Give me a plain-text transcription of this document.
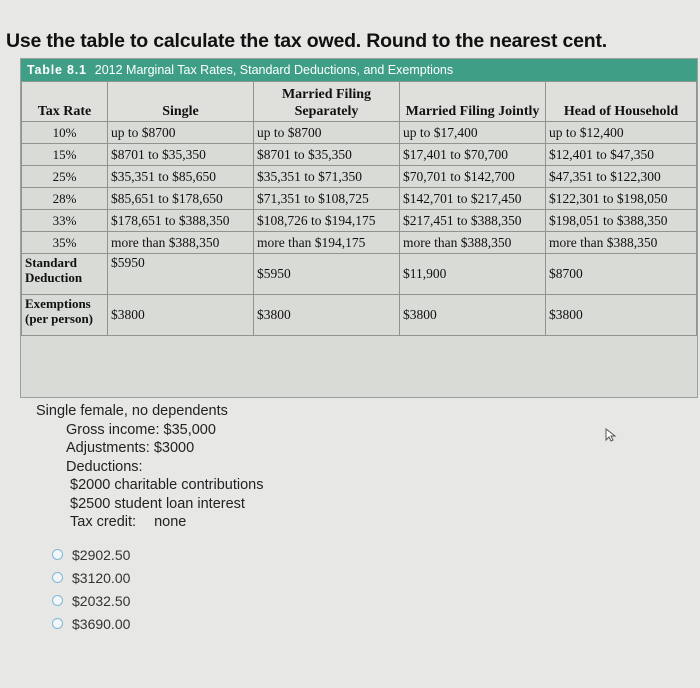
Use the table to calculate the tax owed. Round to the nearest cent.
Table 8.1 2012 Marginal Tax Rates, Standard Deductions, and Exemptions
Tax Rate	Single	Married Filing Separately	Married Filing Jointly	Head of Household
10%	up to $8700	up to $8700	up to $17,400	up to $12,400
15%	$8701 to $35,350	$8701 to $35,350	$17,401 to $70,700	$12,401 to $47,350
25%	$35,351 to $85,650	$35,351 to $71,350	$70,701 to $142,700	$47,351 to $122,300
28%	$85,651 to $178,650	$71,351 to $108,725	$142,701 to $217,450	$122,301 to $198,050
33%	$178,651 to $388,350	$108,726 to $194,175	$217,451 to $388,350	$198,051 to $388,350
35%	more than $388,350	more than $194,175	more than $388,350	more than $388,350
Standard Deduction	$5950	$5950	$11,900	$8700
Exemptions (per person)	$3800	$3800	$3800	$3800
Single female, no dependents
Gross income: $35,000
Adjustments: $3000
Deductions:
$2000 charitable contributions
$2500 student loan interest
Tax credit: none
$2902.50
$3120.00
$2032.50
$3690.00
